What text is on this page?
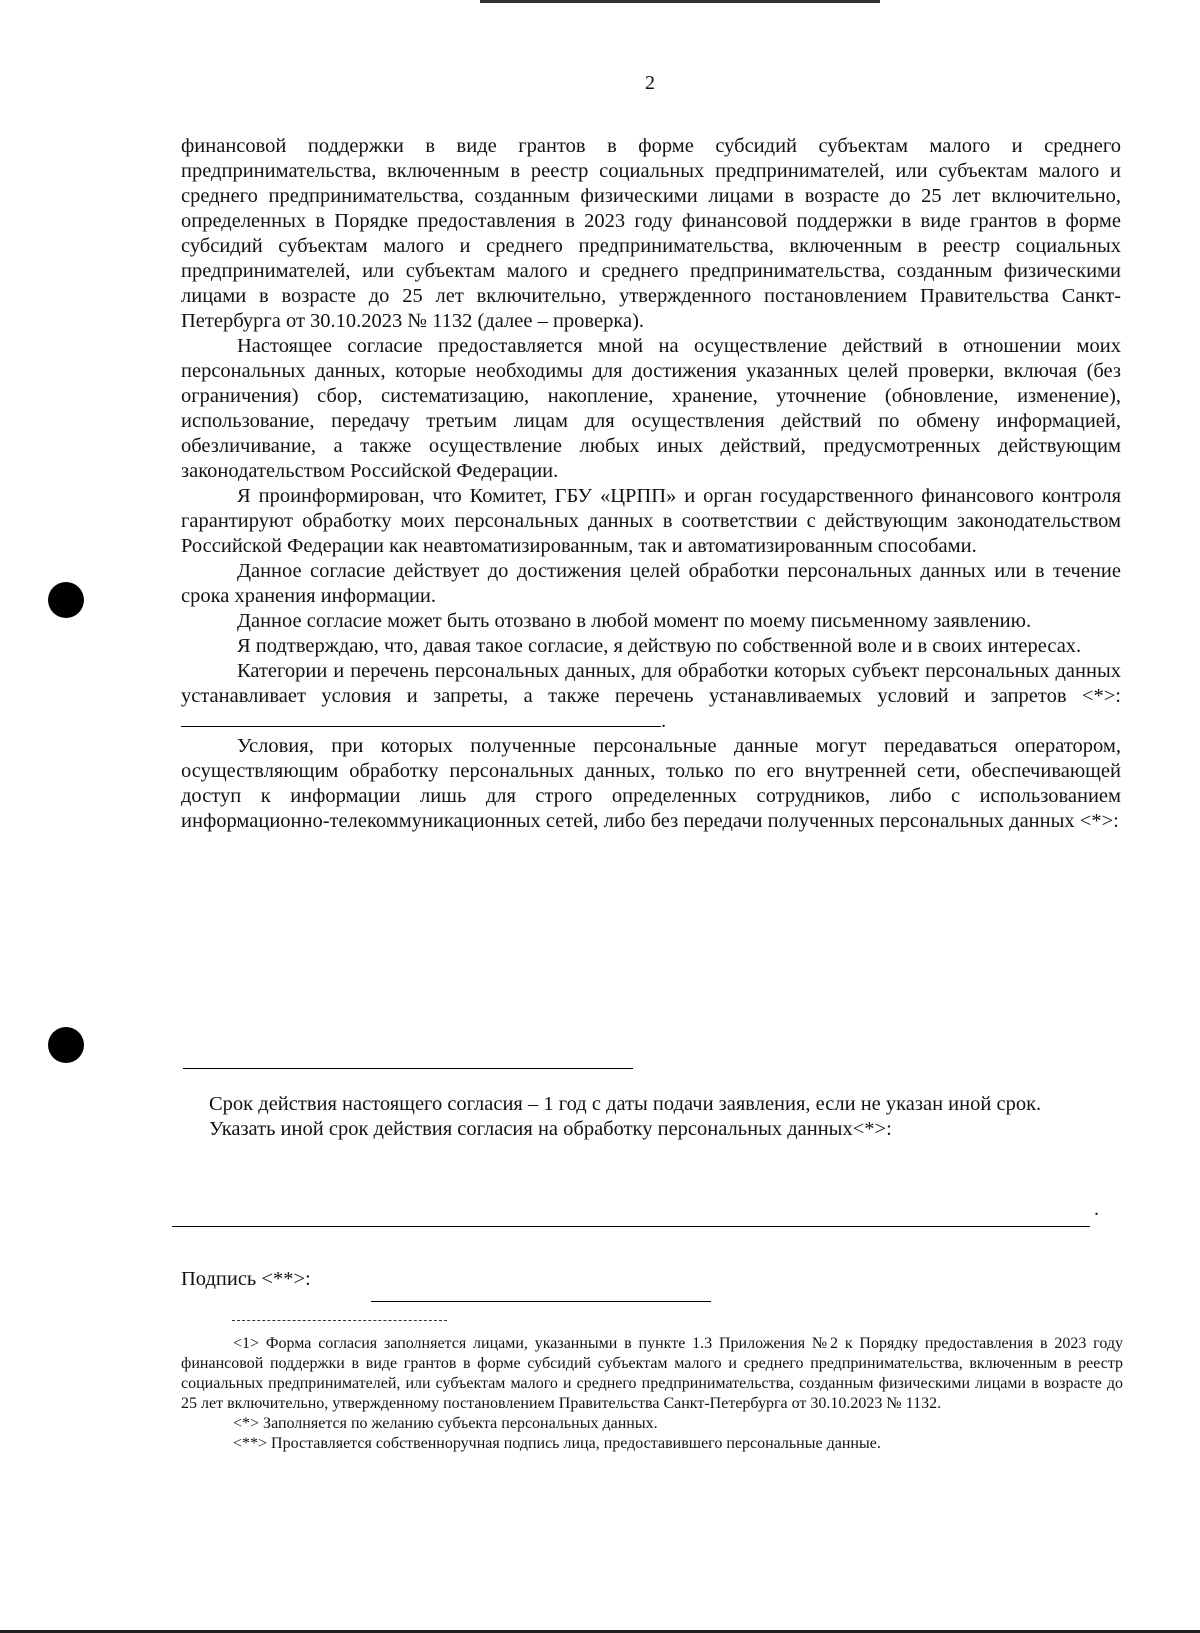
2

финансовой поддержки в виде грантов в форме субсидий субъектам малого и среднего предпринимательства, включенным в реестр социальных предпринимателей, или субъектам малого и среднего предпринимательства, созданным физическими лицами в возрасте до 25 лет включительно, определенных в Порядке предоставления в 2023 году финансовой поддержки в виде грантов в форме субсидий субъектам малого и среднего предпринимательства, включенным в реестр социальных предпринимателей, или субъектам малого и среднего предпринимательства, созданным физическими лицами в возрасте до 25 лет включительно, утвержденного постановлением Правительства Санкт-Петербурга от 30.10.2023 № 1132 (далее – проверка).

Настоящее согласие предоставляется мной на осуществление действий в отношении моих персональных данных, которые необходимы для достижения указанных целей проверки, включая (без ограничения) сбор, систематизацию, накопление, хранение, уточнение (обновление, изменение), использование, передачу третьим лицам для осуществления действий по обмену информацией, обезличивание, а также осуществление любых иных действий, предусмотренных действующим законодательством Российской Федерации.

Я проинформирован, что Комитет, ГБУ «ЦРПП» и орган государственного финансового контроля гарантируют обработку моих персональных данных в соответствии с действующим законодательством Российской Федерации как неавтоматизированным, так и автоматизированным способами.

Данное согласие действует до достижения целей обработки персональных данных или в течение срока хранения информации.

Данное согласие может быть отозвано в любой момент по моему письменному заявлению.

Я подтверждаю, что, давая такое согласие, я действую по собственной воле и в своих интересах.

Категории и перечень персональных данных, для обработки которых субъект персональных данных устанавливает условия и запреты, а также перечень устанавливаемых условий и запретов <*>: .

Условия, при которых полученные персональные данные могут передаваться оператором, осуществляющим обработку персональных данных, только по его внутренней сети, обеспечивающей доступ к информации лишь для строго определенных сотрудников, либо с использованием информационно-телекоммуникационных сетей, либо без передачи полученных персональных данных <*>:

Срок действия настоящего согласия – 1 год с даты подачи заявления, если не указан иной срок.

Указать иной срок действия согласия на обработку персональных данных<*>:

.
Подпись <**>:

<1> Форма согласия заполняется лицами, указанными в пункте 1.3 Приложения №2 к Порядку предоставления в 2023 году финансовой поддержки в виде грантов в форме субсидий субъектам малого и среднего предпринимательства, включенным в реестр социальных предпринимателей, или субъектам малого и среднего предпринимательства, созданным физическими лицами в возрасте до 25 лет включительно, утвержденному постановлением Правительства Санкт-Петербурга от 30.10.2023 № 1132.

<*> Заполняется по желанию субъекта персональных данных.

<**> Проставляется собственноручная подпись лица, предоставившего персональные данные.
